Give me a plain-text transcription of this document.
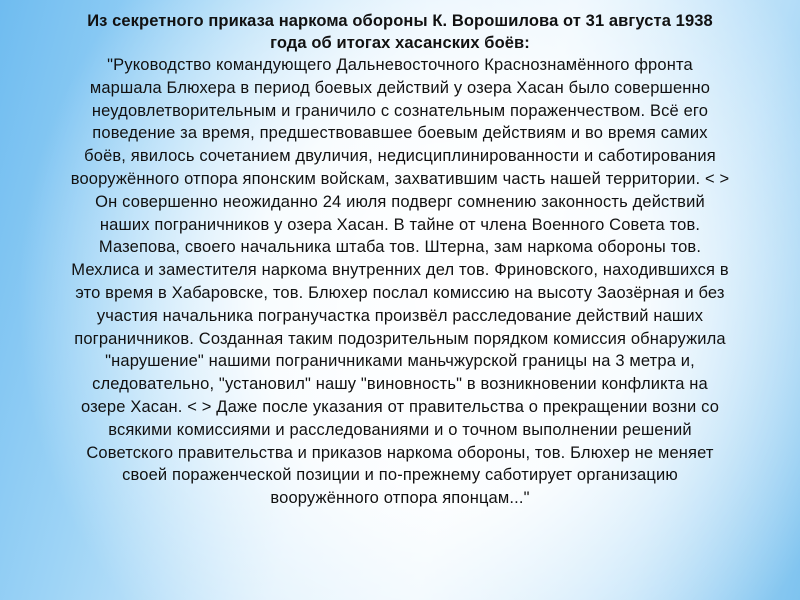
Из секретного приказа наркома обороны К. Ворошилова от 31 августа 1938
года об итогах хасанских боёв:

"Руководство командующего Дальневосточного Краснознамённого фронта
маршала Блюхера в период боевых действий у озера Хасан было совершенно
неудовлетворительным и граничило с сознательным пораженчеством. Всё его
поведение за время, предшествовавшее боевым действиям и во время самих
боёв, явилось сочетанием двуличия, недисциплинированности и саботирования
вооружённого отпора японским войскам, захватившим часть нашей территории. < >
Он совершенно неожиданно 24 июля подверг сомнению законность действий
наших пограничников у озера Хасан. В тайне от члена Военного Совета тов.
Мазепова, своего начальника штаба тов. Штерна, зам наркома обороны тов.
Мехлиса и заместителя наркома внутренних дел тов. Фриновского, находившихся в
это время в Хабаровске, тов. Блюхер послал комиссию на высоту Заозёрная и без
участия начальника погранучастка произвёл расследование действий наших
пограничников. Созданная таким подозрительным порядком комиссия обнаружила
"нарушение" нашими пограничниками маньчжурской границы на 3 метра и,
следовательно, "установил" нашу "виновность" в возникновении конфликта на
озере Хасан. < > Даже после указания от правительства о прекращении возни со
всякими комиссиями и расследованиями и о точном выполнении решений
Советского правительства и приказов наркома обороны, тов. Блюхер не меняет
своей пораженческой позиции и по-прежнему саботирует организацию
вооружённого отпора японцам..."
